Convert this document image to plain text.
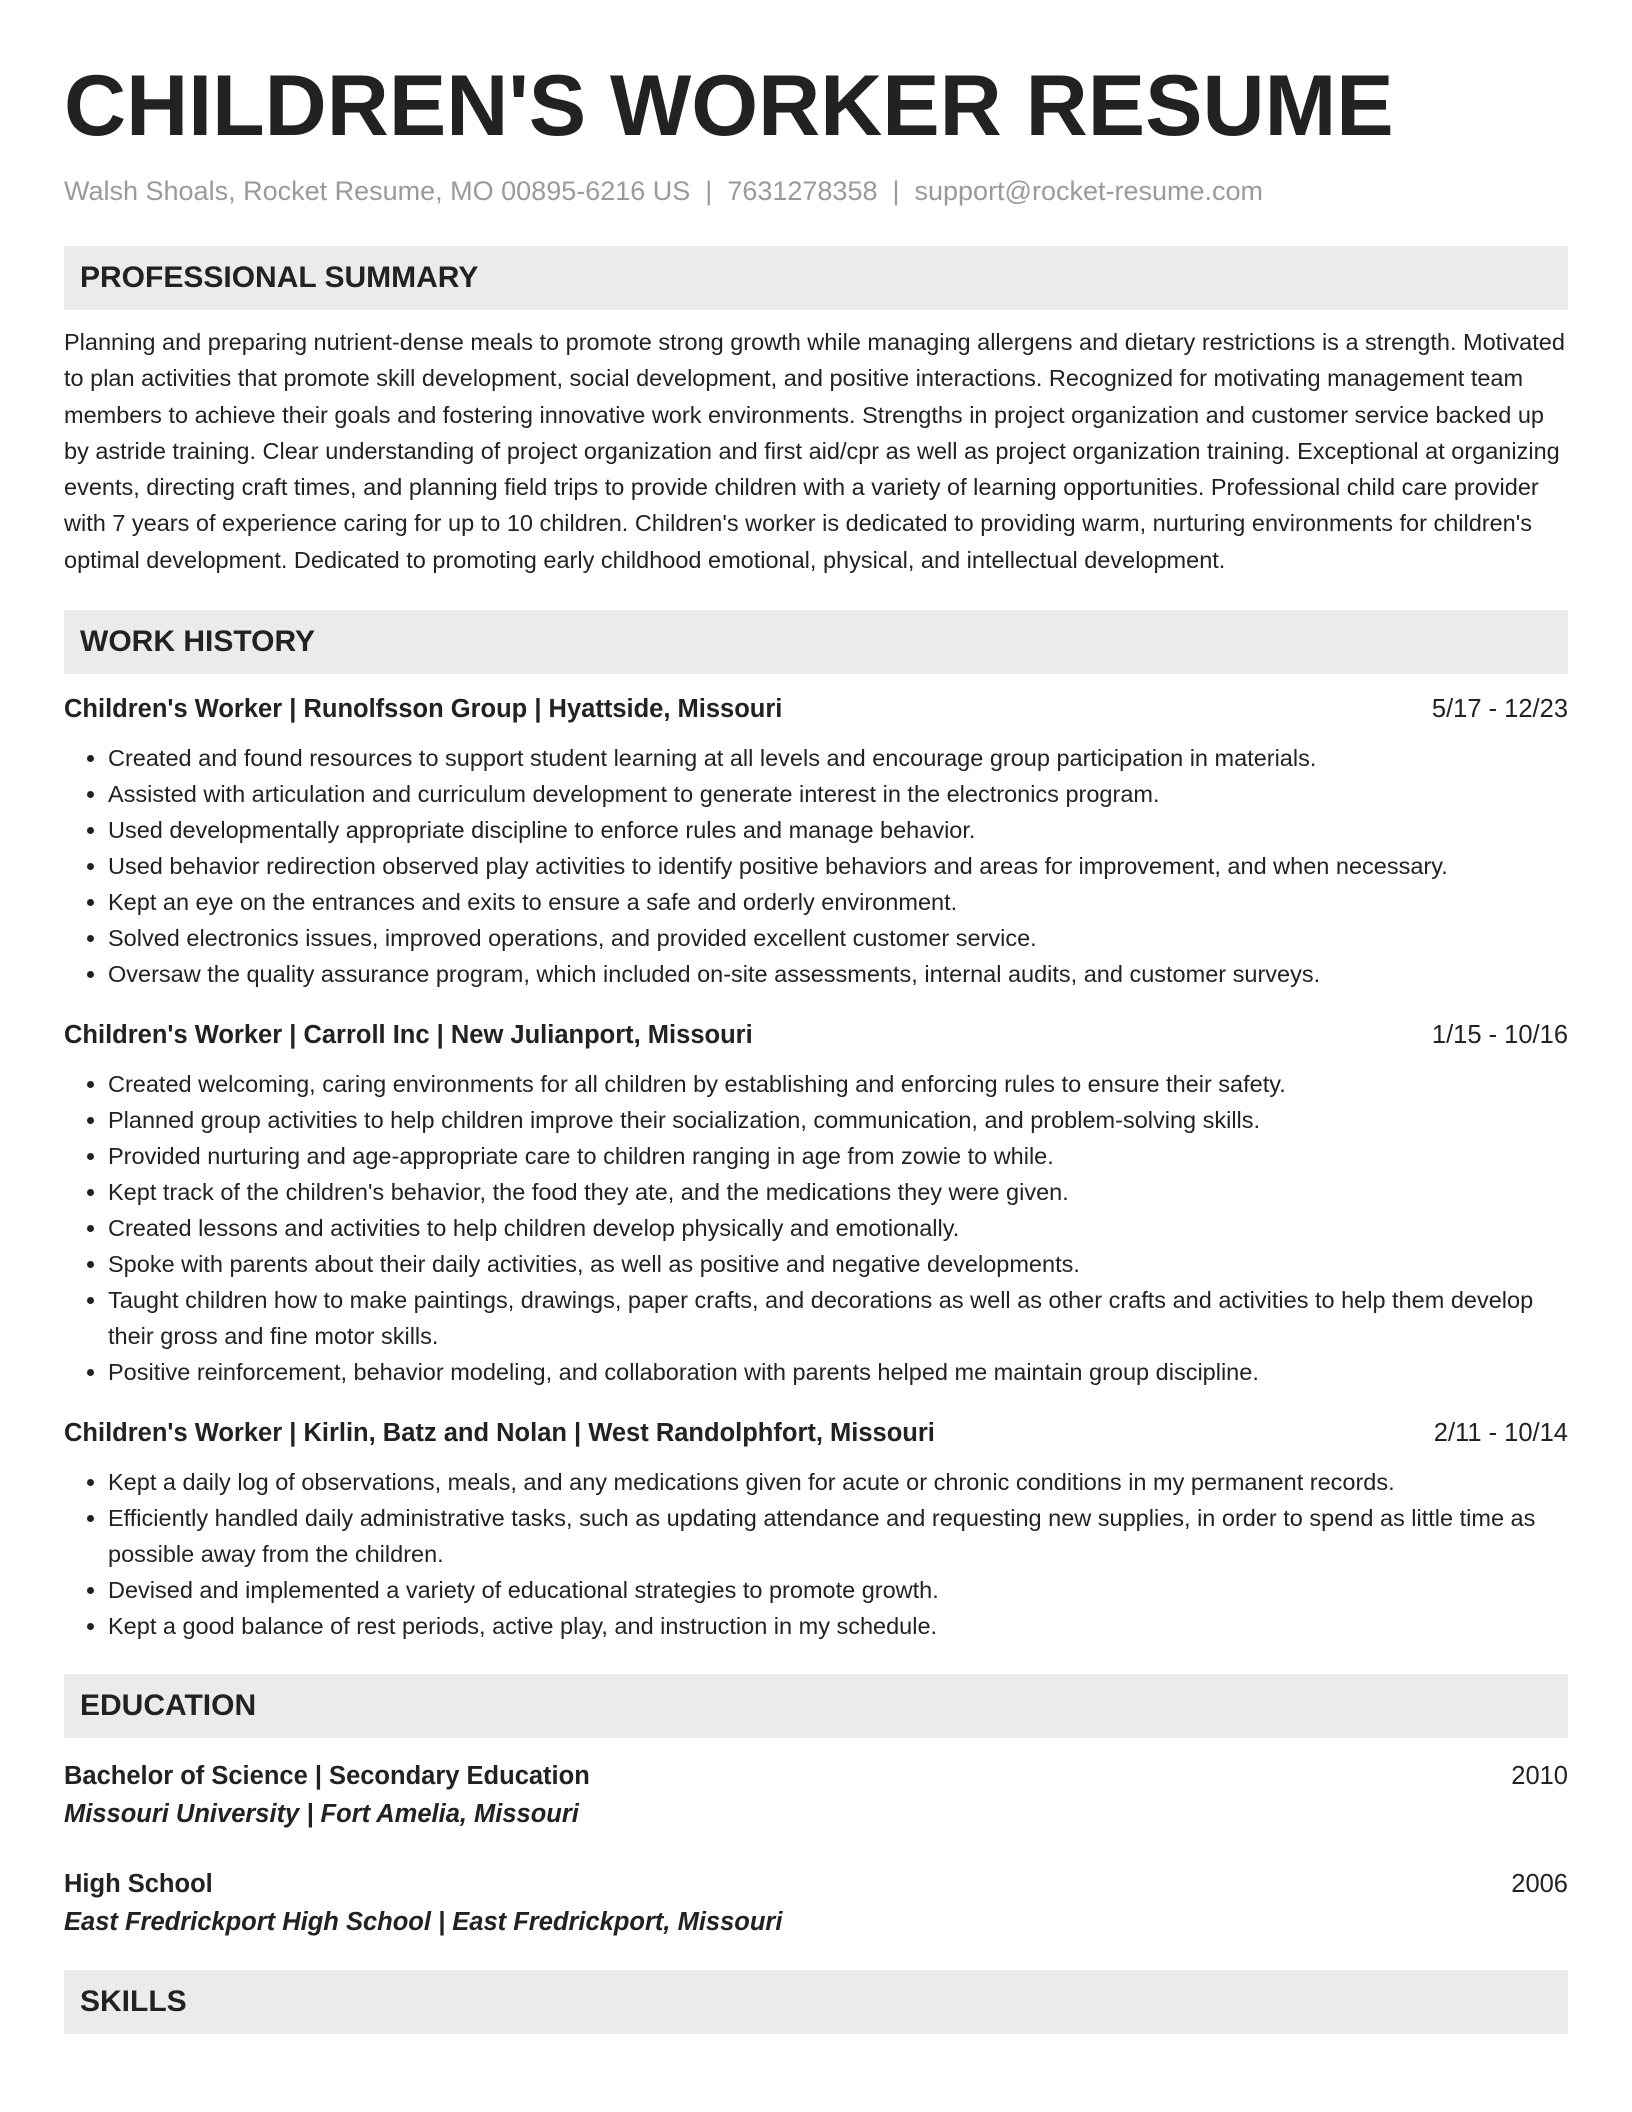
CHILDREN'S WORKER RESUME
Walsh Shoals, Rocket Resume, MO 00895-6216 US | 7631278358 | support@rocket-resume.com
PROFESSIONAL SUMMARY

Planning and preparing nutrient-dense meals to promote strong growth while managing allergens and dietary restrictions is a strength. Motivated to plan activities that promote skill development, social development, and positive interactions. Recognized for motivating management team members to achieve their goals and fostering innovative work environments. Strengths in project organization and customer service backed up by astride training. Clear understanding of project organization and first aid/cpr as well as project organization training. Exceptional at organizing events, directing craft times, and planning field trips to provide children with a variety of learning opportunities. Professional child care provider with 7 years of experience caring for up to 10 children. Children's worker is dedicated to providing warm, nurturing environments for children's optimal development. Dedicated to promoting early childhood emotional, physical, and intellectual development.

WORK HISTORY
Children's Worker | Runolfsson Group | Hyattside, Missouri	5/17 - 12/23
• Created and found resources to support student learning at all levels and encourage group participation in materials.
• Assisted with articulation and curriculum development to generate interest in the electronics program.
• Used developmentally appropriate discipline to enforce rules and manage behavior.
• Used behavior redirection observed play activities to identify positive behaviors and areas for improvement, and when necessary.
• Kept an eye on the entrances and exits to ensure a safe and orderly environment.
• Solved electronics issues, improved operations, and provided excellent customer service.
• Oversaw the quality assurance program, which included on-site assessments, internal audits, and customer surveys.
Children's Worker | Carroll Inc | New Julianport, Missouri	1/15 - 10/16
• Created welcoming, caring environments for all children by establishing and enforcing rules to ensure their safety.
• Planned group activities to help children improve their socialization, communication, and problem-solving skills.
• Provided nurturing and age-appropriate care to children ranging in age from zowie to while.
• Kept track of the children's behavior, the food they ate, and the medications they were given.
• Created lessons and activities to help children develop physically and emotionally.
• Spoke with parents about their daily activities, as well as positive and negative developments.
• Taught children how to make paintings, drawings, paper crafts, and decorations as well as other crafts and activities to help them develop their gross and fine motor skills.
• Positive reinforcement, behavior modeling, and collaboration with parents helped me maintain group discipline.
Children's Worker | Kirlin, Batz and Nolan | West Randolphfort, Missouri	2/11 - 10/14
• Kept a daily log of observations, meals, and any medications given for acute or chronic conditions in my permanent records.
• Efficiently handled daily administrative tasks, such as updating attendance and requesting new supplies, in order to spend as little time as possible away from the children.
• Devised and implemented a variety of educational strategies to promote growth.
• Kept a good balance of rest periods, active play, and instruction in my schedule.
EDUCATION
Bachelor of Science | Secondary Education	2010
Missouri University | Fort Amelia, Missouri
High School	2006
East Fredrickport High School | East Fredrickport, Missouri
SKILLS
